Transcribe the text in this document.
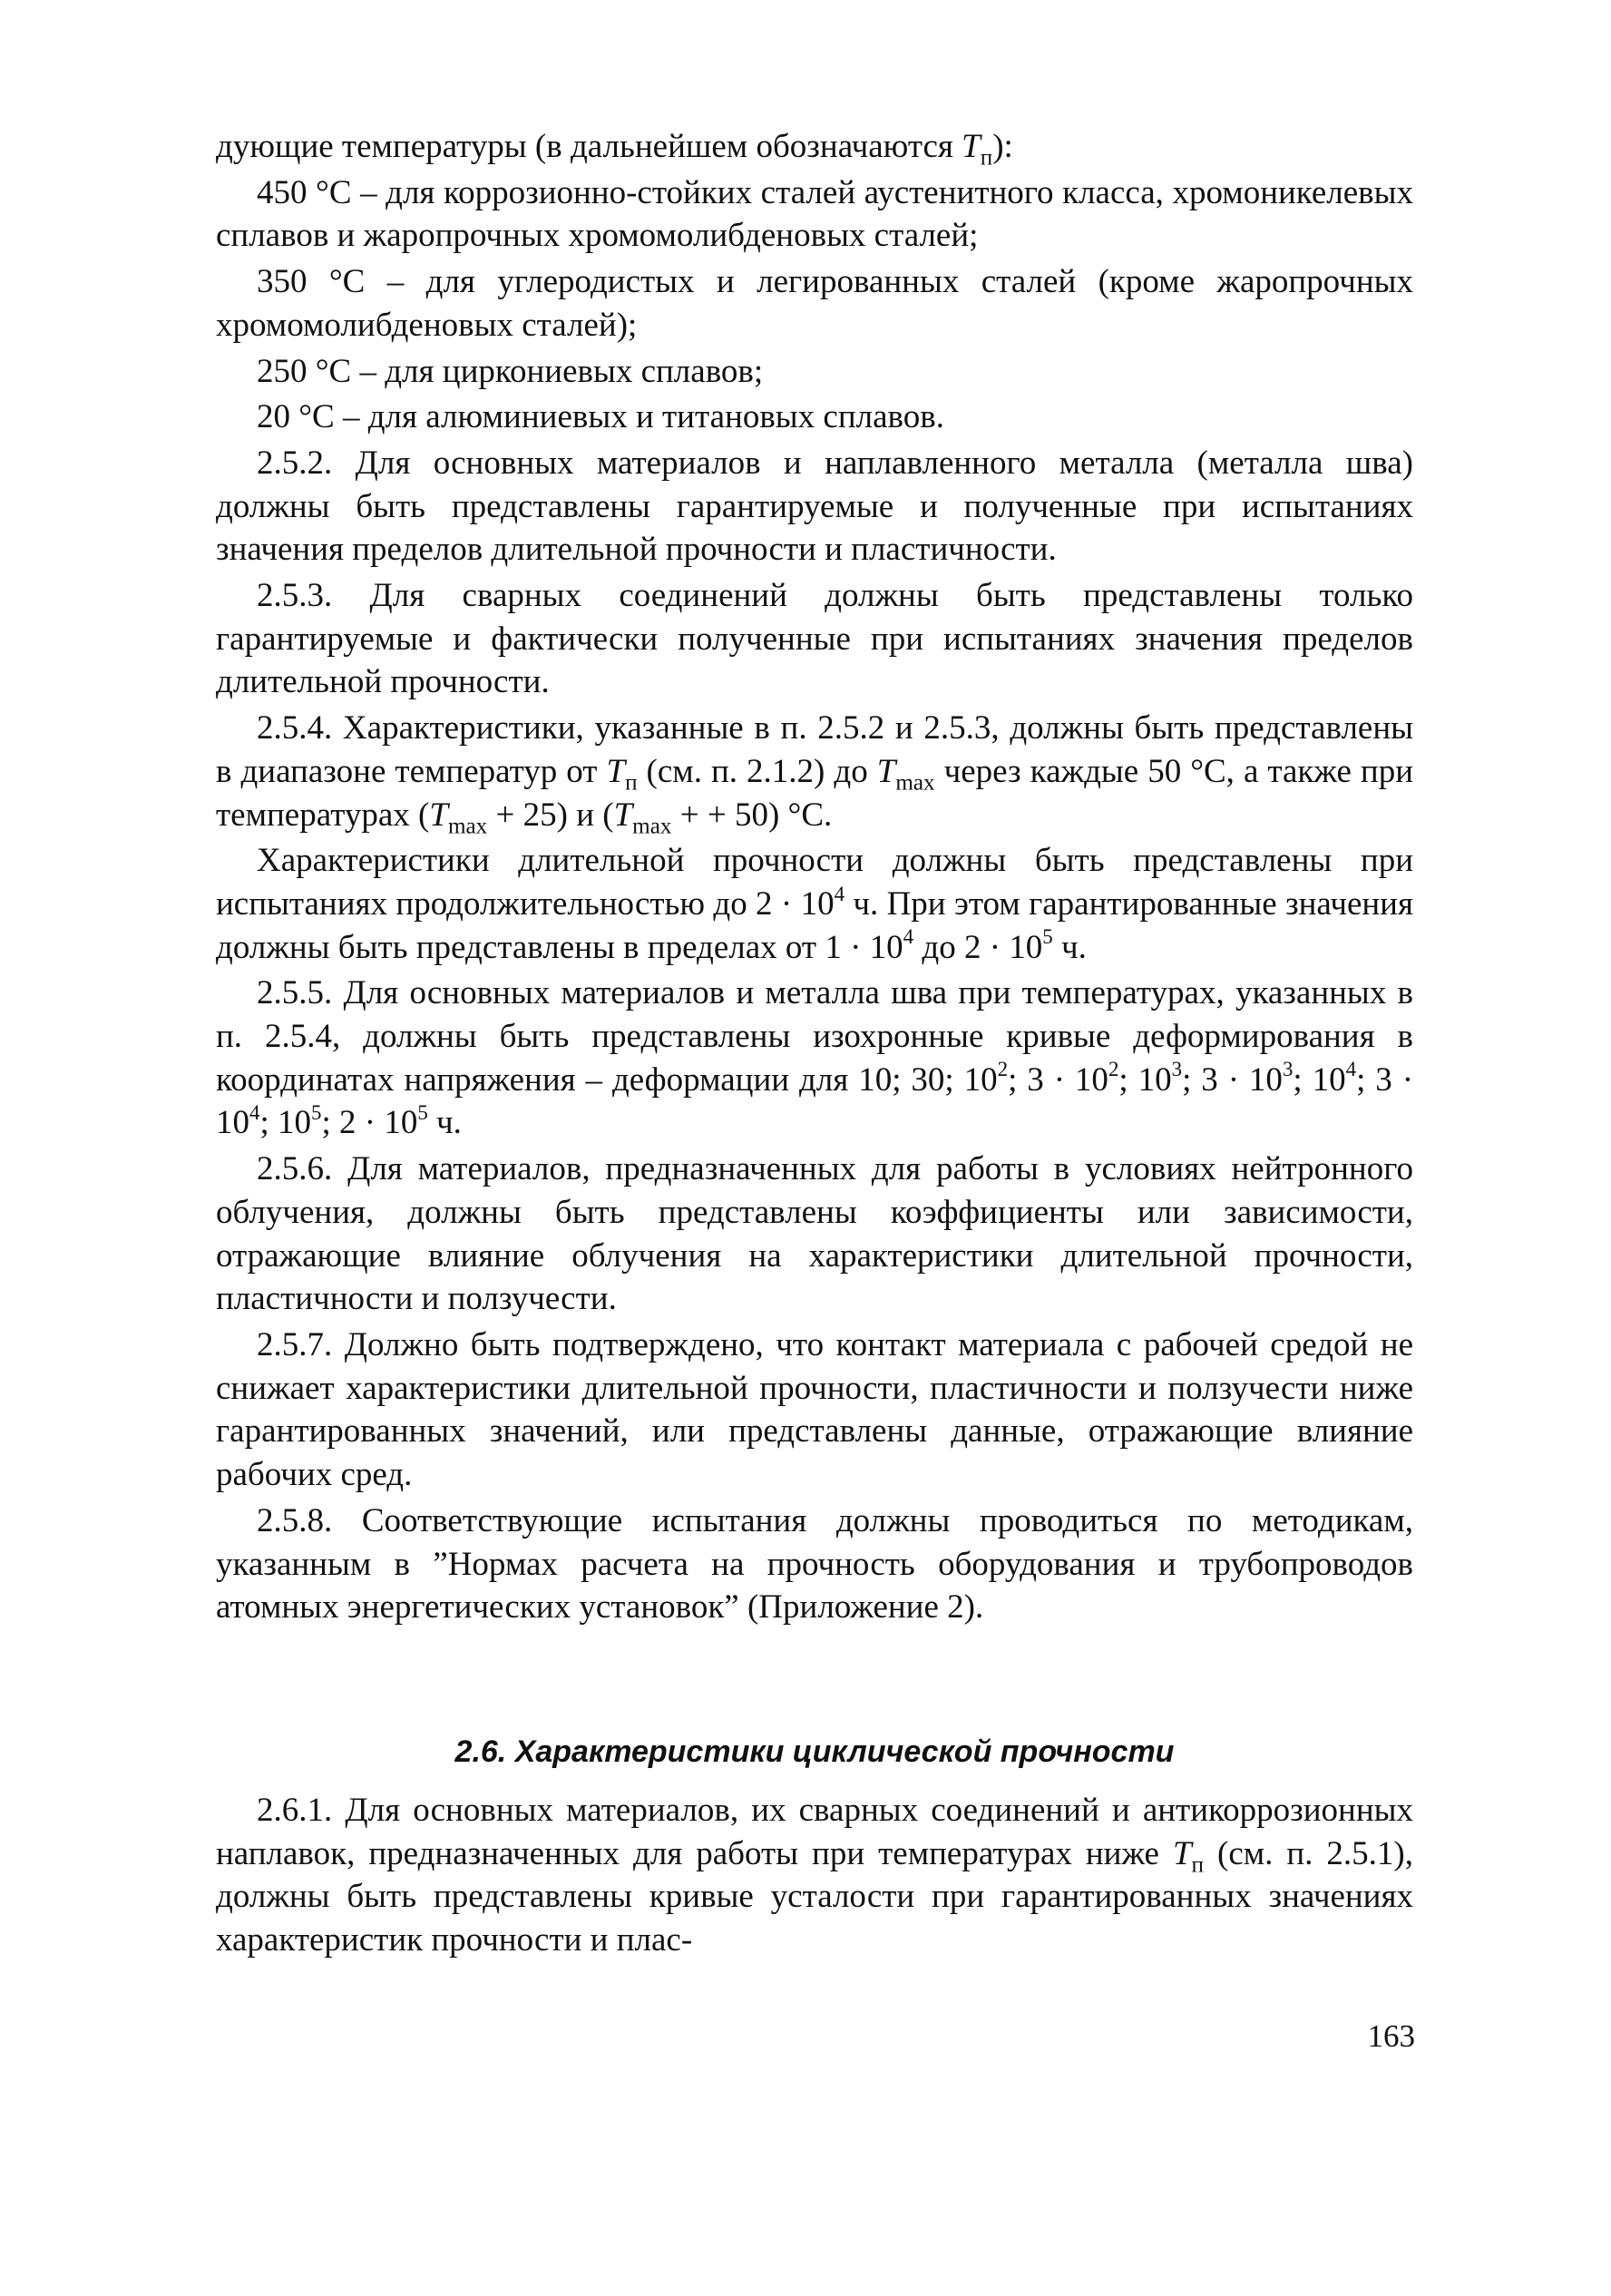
дующие температуры (в дальнейшем обозначаются $T_п$):

450 °С – для коррозионно-стойких сталей аустенитного класса, хромоникелевых сплавов и жаропрочных хромомолибденовых сталей;

350 °С – для углеродистых и легированных сталей (кроме жаропрочных хромомолибденовых сталей);

250 °С – для циркониевых сплавов;

20 °С – для алюминиевых и титановых сплавов.

2.5.2. Для основных материалов и наплавленного металла (металла шва) должны быть представлены гарантируемые и полученные при испытаниях значения пределов длительной прочности и пластичности.

2.5.3. Для сварных соединений должны быть представлены только гарантируемые и фактически полученные при испытаниях значения пределов длительной прочности.

2.5.4. Характеристики, указанные в п. 2.5.2 и 2.5.3, должны быть представлены в диапазоне температур от $T_п$ (см. п. 2.1.2) до $T_{max}$ через каждые 50 °С, а также при температурах $(T_{max} + 25)$ и ($T_{max}$ + + 50) °С.

Характеристики длительной прочности должны быть представлены при испытаниях продолжительностью до $2 \cdot 10^4$ ч. При этом гарантированные значения должны быть представлены в пределах от $1 \cdot 10^4$ до $2 \cdot 10^5$ ч.

2.5.5. Для основных материалов и металла шва при температурах, указанных в п. 2.5.4, должны быть представлены изохронные кривые деформирования в координатах напряжения – деформации для 10; 30; $10^2$; $3 \cdot 10^2$; $10^3$; $3 \cdot 10^3$; $10^4$; $3 \cdot 10^4$; $10^5$; $2 \cdot 10^5$ ч.

2.5.6. Для материалов, предназначенных для работы в условиях нейтронного облучения, должны быть представлены коэффициенты или зависимости, отражающие влияние облучения на характеристики длительной прочности, пластичности и ползучести.

2.5.7. Должно быть подтверждено, что контакт материала с рабочей средой не снижает характеристики длительной прочности, пластичности и ползучести ниже гарантированных значений, или представлены данные, отражающие влияние рабочих сред.

2.5.8. Соответствующие испытания должны проводиться по методикам, указанным в ”Нормах расчета на прочность оборудования и трубопроводов атомных энергетических установок” (Приложение 2).

2.6. Характеристики циклической прочности

2.6.1. Для основных материалов, их сварных соединений и антикоррозионных наплавок, предназначенных для работы при температурах ниже $T_п$ (см. п. 2.5.1), должны быть представлены кривые усталости при гарантированных значениях характеристик прочности и плас-

163
